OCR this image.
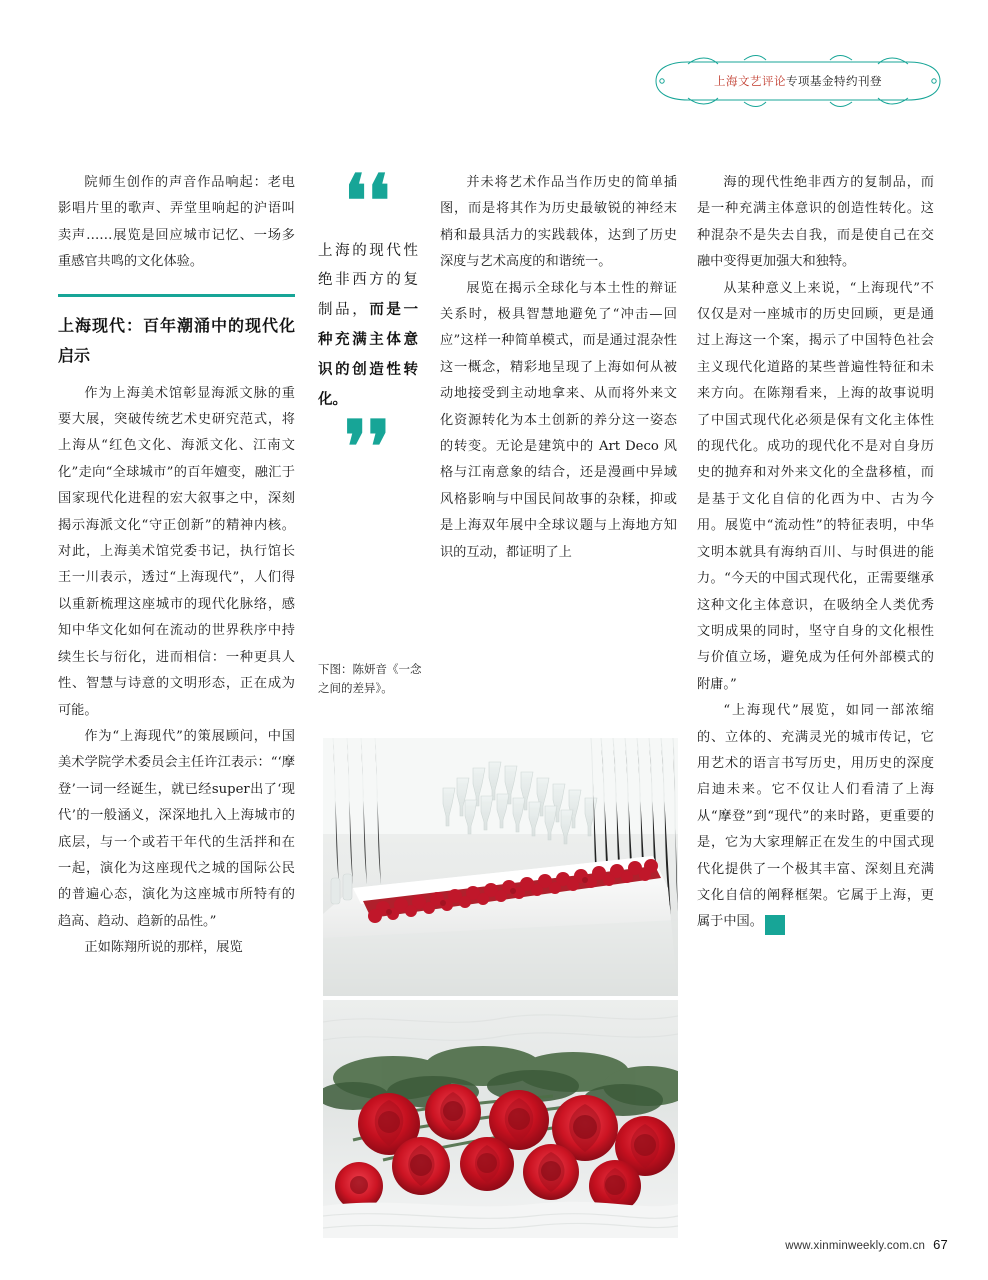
上海文艺评论专项基金特约刊登

院师生创作的声音作品响起：老电影唱片里的歌声、弄堂里响起的沪语叫卖声……展览是回应城市记忆、一场多重感官共鸣的文化体验。

上海现代：百年潮涌中的现代化启示

作为上海美术馆彰显海派文脉的重要大展，突破传统艺术史研究范式，将上海从“红色文化、海派文化、江南文化”走向“全球城市”的百年嬗变，融汇于国家现代化进程的宏大叙事之中，深刻揭示海派文化“守正创新”的精神内核。对此，上海美术馆党委书记，执行馆长王一川表示，透过“上海现代”，人们得以重新梳理这座城市的现代化脉络，感知中华文化如何在流动的世界秩序中持续生长与衍化，进而相信：一种更具人性、智慧与诗意的文明形态，正在成为可能。

作为“上海现代”的策展顾问，中国美术学院学术委员会主任许江表示：“‘摩登’一词一经诞生，就已经super出了‘现代’的一般涵义，深深地扎入上海城市的底层，与一个或若干年代的生活拌和在一起，演化为这座现代之城的国际公民的普遍心态，演化为这座城市所特有的趋高、趋动、趋新的品性。”

正如陈翔所说的那样，展览

❛❛
上海的现代性绝非西方的复制品，而是一种充满主体意识的创造性转化。
❜❜
下图：陈妍音《一念之间的差异》。

并未将艺术作品当作历史的简单插图，而是将其作为历史最敏锐的神经末梢和最具活力的实践载体，达到了历史深度与艺术高度的和谐统一。

展览在揭示全球化与本土性的辩证关系时，极具智慧地避免了“冲击—回应”这样一种简单模式，而是通过混杂性这一概念，精彩地呈现了上海如何从被动地接受到主动地拿来、从而将外来文化资源转化为本土创新的养分这一姿态的转变。无论是建筑中的 Art Deco 风格与江南意象的结合，还是漫画中异域风格影响与中国民间故事的杂糅，抑或是上海双年展中全球议题与上海地方知识的互动，都证明了上

海的现代性绝非西方的复制品，而是一种充满主体意识的创造性转化。这种混杂不是失去自我，而是使自己在交融中变得更加强大和独特。

从某种意义上来说，“上海现代”不仅仅是对一座城市的历史回顾，更是通过上海这一个案，揭示了中国特色社会主义现代化道路的某些普遍性特征和未来方向。在陈翔看来，上海的故事说明了中国式现代化必须是保有文化主体性的现代化。成功的现代化不是对自身历史的抛弃和对外来文化的全盘移植，而是基于文化自信的化西为中、古为今用。展览中“流动性”的特征表明，中华文明本就具有海纳百川、与时俱进的能力。“今天的中国式现代化，正需要继承这种文化主体意识，在吸纳全人类优秀文明成果的同时，坚守自身的文化根性与价值立场，避免成为任何外部模式的附庸。”

“上海现代”展览，如同一部浓缩的、立体的、充满灵光的城市传记，它用艺术的语言书写历史，用历史的深度启迪未来。它不仅让人们看清了上海从“摩登”到“现代”的来时路，更重要的是，它为大家理解正在发生的中国式现代化提供了一个极其丰富、深刻且充满文化自信的阐释框架。它属于上海，更属于中国。 民

www.xinminweekly.com.cn 67
